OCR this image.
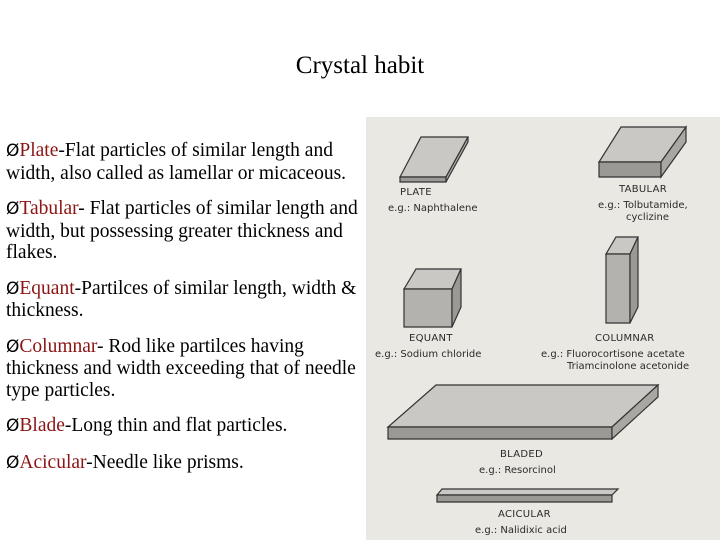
Crystal habit
ØPlate-Flat particles of similar length and width, also called as lamellar or micaceous.
ØTabular- Flat particles of similar length and width, but possessing greater thickness and flakes.
ØEquant-Partilces of similar length, width & thickness.
ØColumnar- Rod like partilces having thickness and width exceeding that of needle type particles.
ØBlade-Long thin and flat particles.
ØAcicular-Needle like prisms.
PLATE
e.g.: Naphthalene
TABULAR
e.g.: Tolbutamide,
cyclizine
EQUANT
e.g.: Sodium chloride
COLUMNAR
e.g.: Fluorocortisone acetate
Triamcinolone acetonide
BLADED
e.g.: Resorcinol
ACICULAR
e.g.: Nalidixic acid
